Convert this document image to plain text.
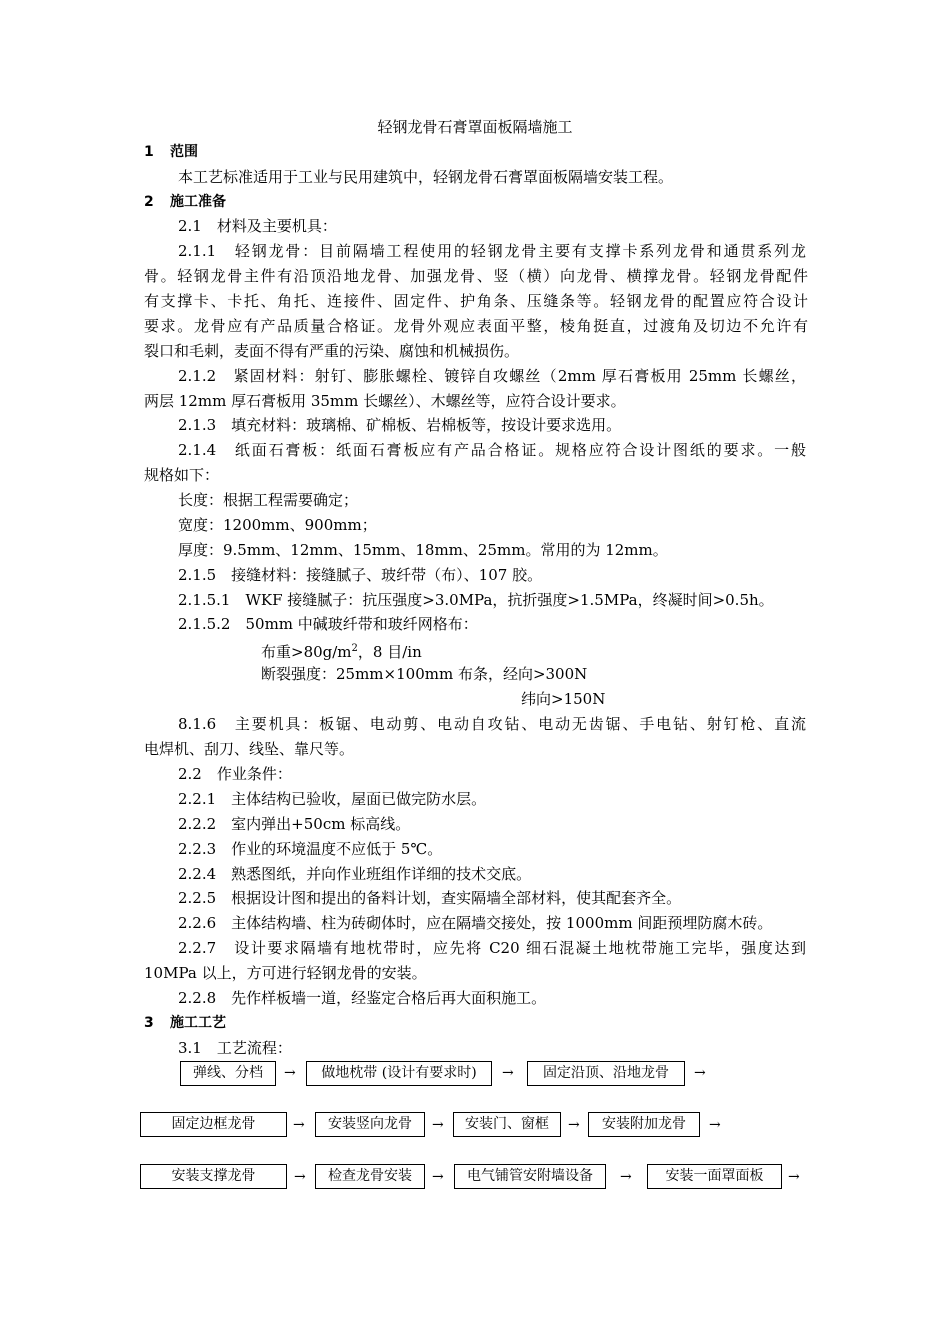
轻钢龙骨石膏罩面板隔墙施工
1 范围
本工艺标准适用于工业与民用建筑中，轻钢龙骨石膏罩面板隔墙安装工程。
2 施工准备
2.1　材料及主要机具：
2.1.1　轻钢龙骨：目前隔墙工程使用的轻钢龙骨主要有支撑卡系列龙骨和通贯系列龙
骨。轻钢龙骨主件有沿顶沿地龙骨、加强龙骨、竖（横）向龙骨、横撑龙骨。轻钢龙骨配件
有支撑卡、卡托、角托、连接件、固定件、护角条、压缝条等。轻钢龙骨的配置应符合设计
要求。龙骨应有产品质量合格证。龙骨外观应表面平整，棱角挺直，过渡角及切边不允许有
裂口和毛刺，麦面不得有严重的污染、腐蚀和机械损伤。
2.1.2　紧固材料：射钉、膨胀螺栓、镀锌自攻螺丝（2mm 厚石膏板用 25mm 长螺丝，
两层 12mm 厚石膏板用 35mm 长螺丝）、木螺丝等，应符合设计要求。
2.1.3　填充材料：玻璃棉、矿棉板、岩棉板等，按设计要求选用。
2.1.4　纸面石膏板：纸面石膏板应有产品合格证。规格应符合设计图纸的要求。一般
规格如下：
长度：根据工程需要确定；
宽度：1200mm、900mm；
厚度：9.5mm、12mm、15mm、18mm、25mm。常用的为 12mm。
2.1.5　接缝材料：接缝腻子、玻纤带（布）、107 胶。
2.1.5.1　WKF 接缝腻子：抗压强度>3.0MPa，抗折强度>1.5MPa，终凝时间>0.5h。
2.1.5.2　50mm 中碱玻纤带和玻纤网格布：
布重$>80g/m^2$，8 目/in
断裂强度：25mm×100mm 布条，经向>300N
纬向>150N
8.1.6　主要机具：板锯、电动剪、电动自攻钻、电动无齿锯、手电钻、射钉枪、直流
电焊机、刮刀、线坠、靠尺等。
2.2　作业条件：
2.2.1　主体结构已验收，屋面已做完防水层。
2.2.2　室内弹出+50cm 标高线。
2.2.3　作业的环境温度不应低于 5℃。
2.2.4　熟悉图纸，并向作业班组作详细的技术交底。
2.2.5　根据设计图和提出的备料计划，查实隔墙全部材料，使其配套齐全。
2.2.6　主体结构墙、柱为砖砌体时，应在隔墙交接处，按 1000mm 间距预埋防腐木砖。
2.2.7　设计要求隔墙有地枕带时，应先将 C20 细石混凝土地枕带施工完毕，强度达到
10MPa 以上，方可进行轻钢龙骨的安装。
2.2.8　先作样板墙一道，经鉴定合格后再大面积施工。
3 施工工艺
3.1　工艺流程：
弹线、分档	→	做地枕带 (设计有要求时)	→	固定沿顶、沿地龙骨	→
固定边框龙骨	→	安装竖向龙骨	→	安装门、窗框	→	安装附加龙骨	→
安装支撑龙骨	→	检查龙骨安装	→	电气铺管安附墙设备	→	安装一面罩面板	→
